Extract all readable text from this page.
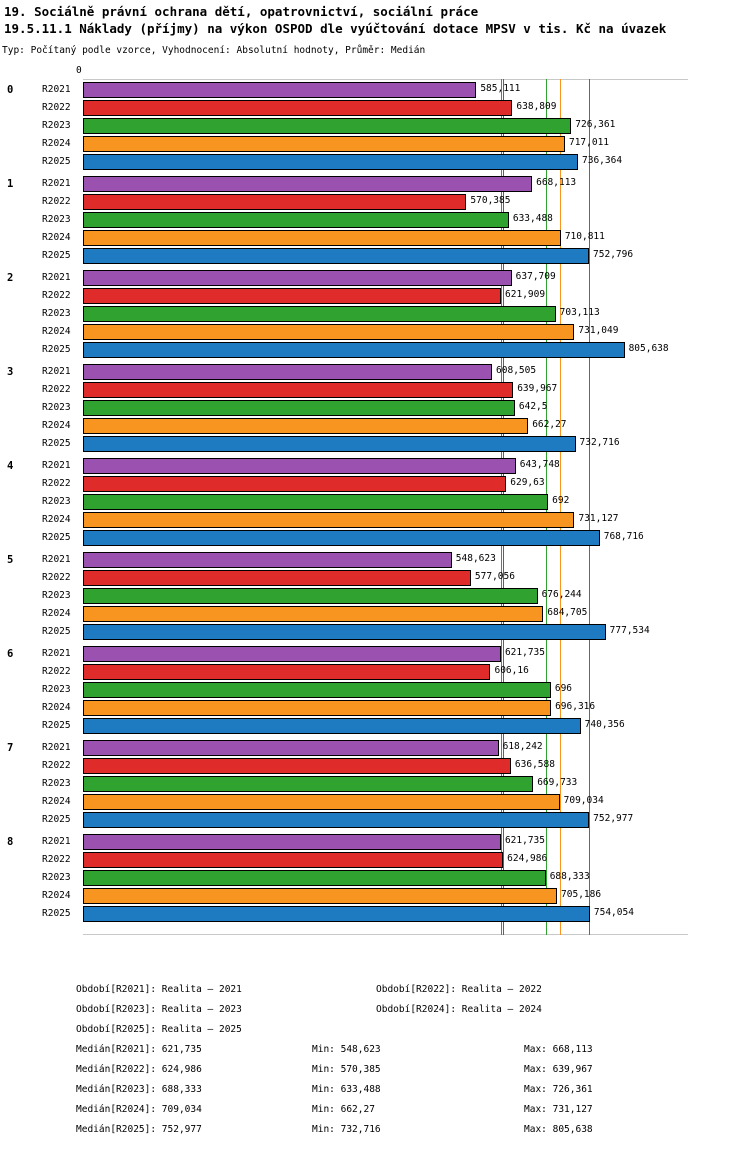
19. Sociálně právní ochrana dětí, opatrovnictví, sociální práce
19.5.11.1 Náklady (příjmy) na výkon OSPOD dle vyúčtování dotace MPSV v tis. Kč na úvazek
Typ: Počítaný podle vzorce, Vyhodnocení: Absolutní hodnoty, Průměr: Medián
0
0	R2021	585,111
R2022	638,809
R2023	726,361
R2024	717,011
R2025	736,364
1	R2021	668,113
R2022	570,385
R2023	633,488
R2024	710,811
R2025	752,796
2	R2021	637,709
R2022	621,909
R2023	703,113
R2024	731,049
R2025	805,638
3	R2021	608,505
R2022	639,967
R2023	642,5
R2024	662,27
R2025	732,716
4	R2021	643,748
R2022	629,63
R2023	692
R2024	731,127
R2025	768,716
5	R2021	548,623
R2022	577,056
R2023	676,244
R2024	684,705
R2025	777,534
6	R2021	621,735
R2022	606,16
R2023	696
R2024	696,316
R2025	740,356
7	R2021	618,242
R2022	636,588
R2023	669,733
R2024	709,034
R2025	752,977
8	R2021	621,735
R2022	624,986
R2023	688,333
R2024	705,186
R2025	754,054
Období[R2021]: Realita – 2021	Období[R2022]: Realita – 2022
Období[R2023]: Realita – 2023	Období[R2024]: Realita – 2024
Období[R2025]: Realita – 2025
Medián[R2021]: 621,735	Min: 548,623	Max: 668,113
Medián[R2022]: 624,986	Min: 570,385	Max: 639,967
Medián[R2023]: 688,333	Min: 633,488	Max: 726,361
Medián[R2024]: 709,034	Min: 662,27	Max: 731,127
Medián[R2025]: 752,977	Min: 732,716	Max: 805,638
